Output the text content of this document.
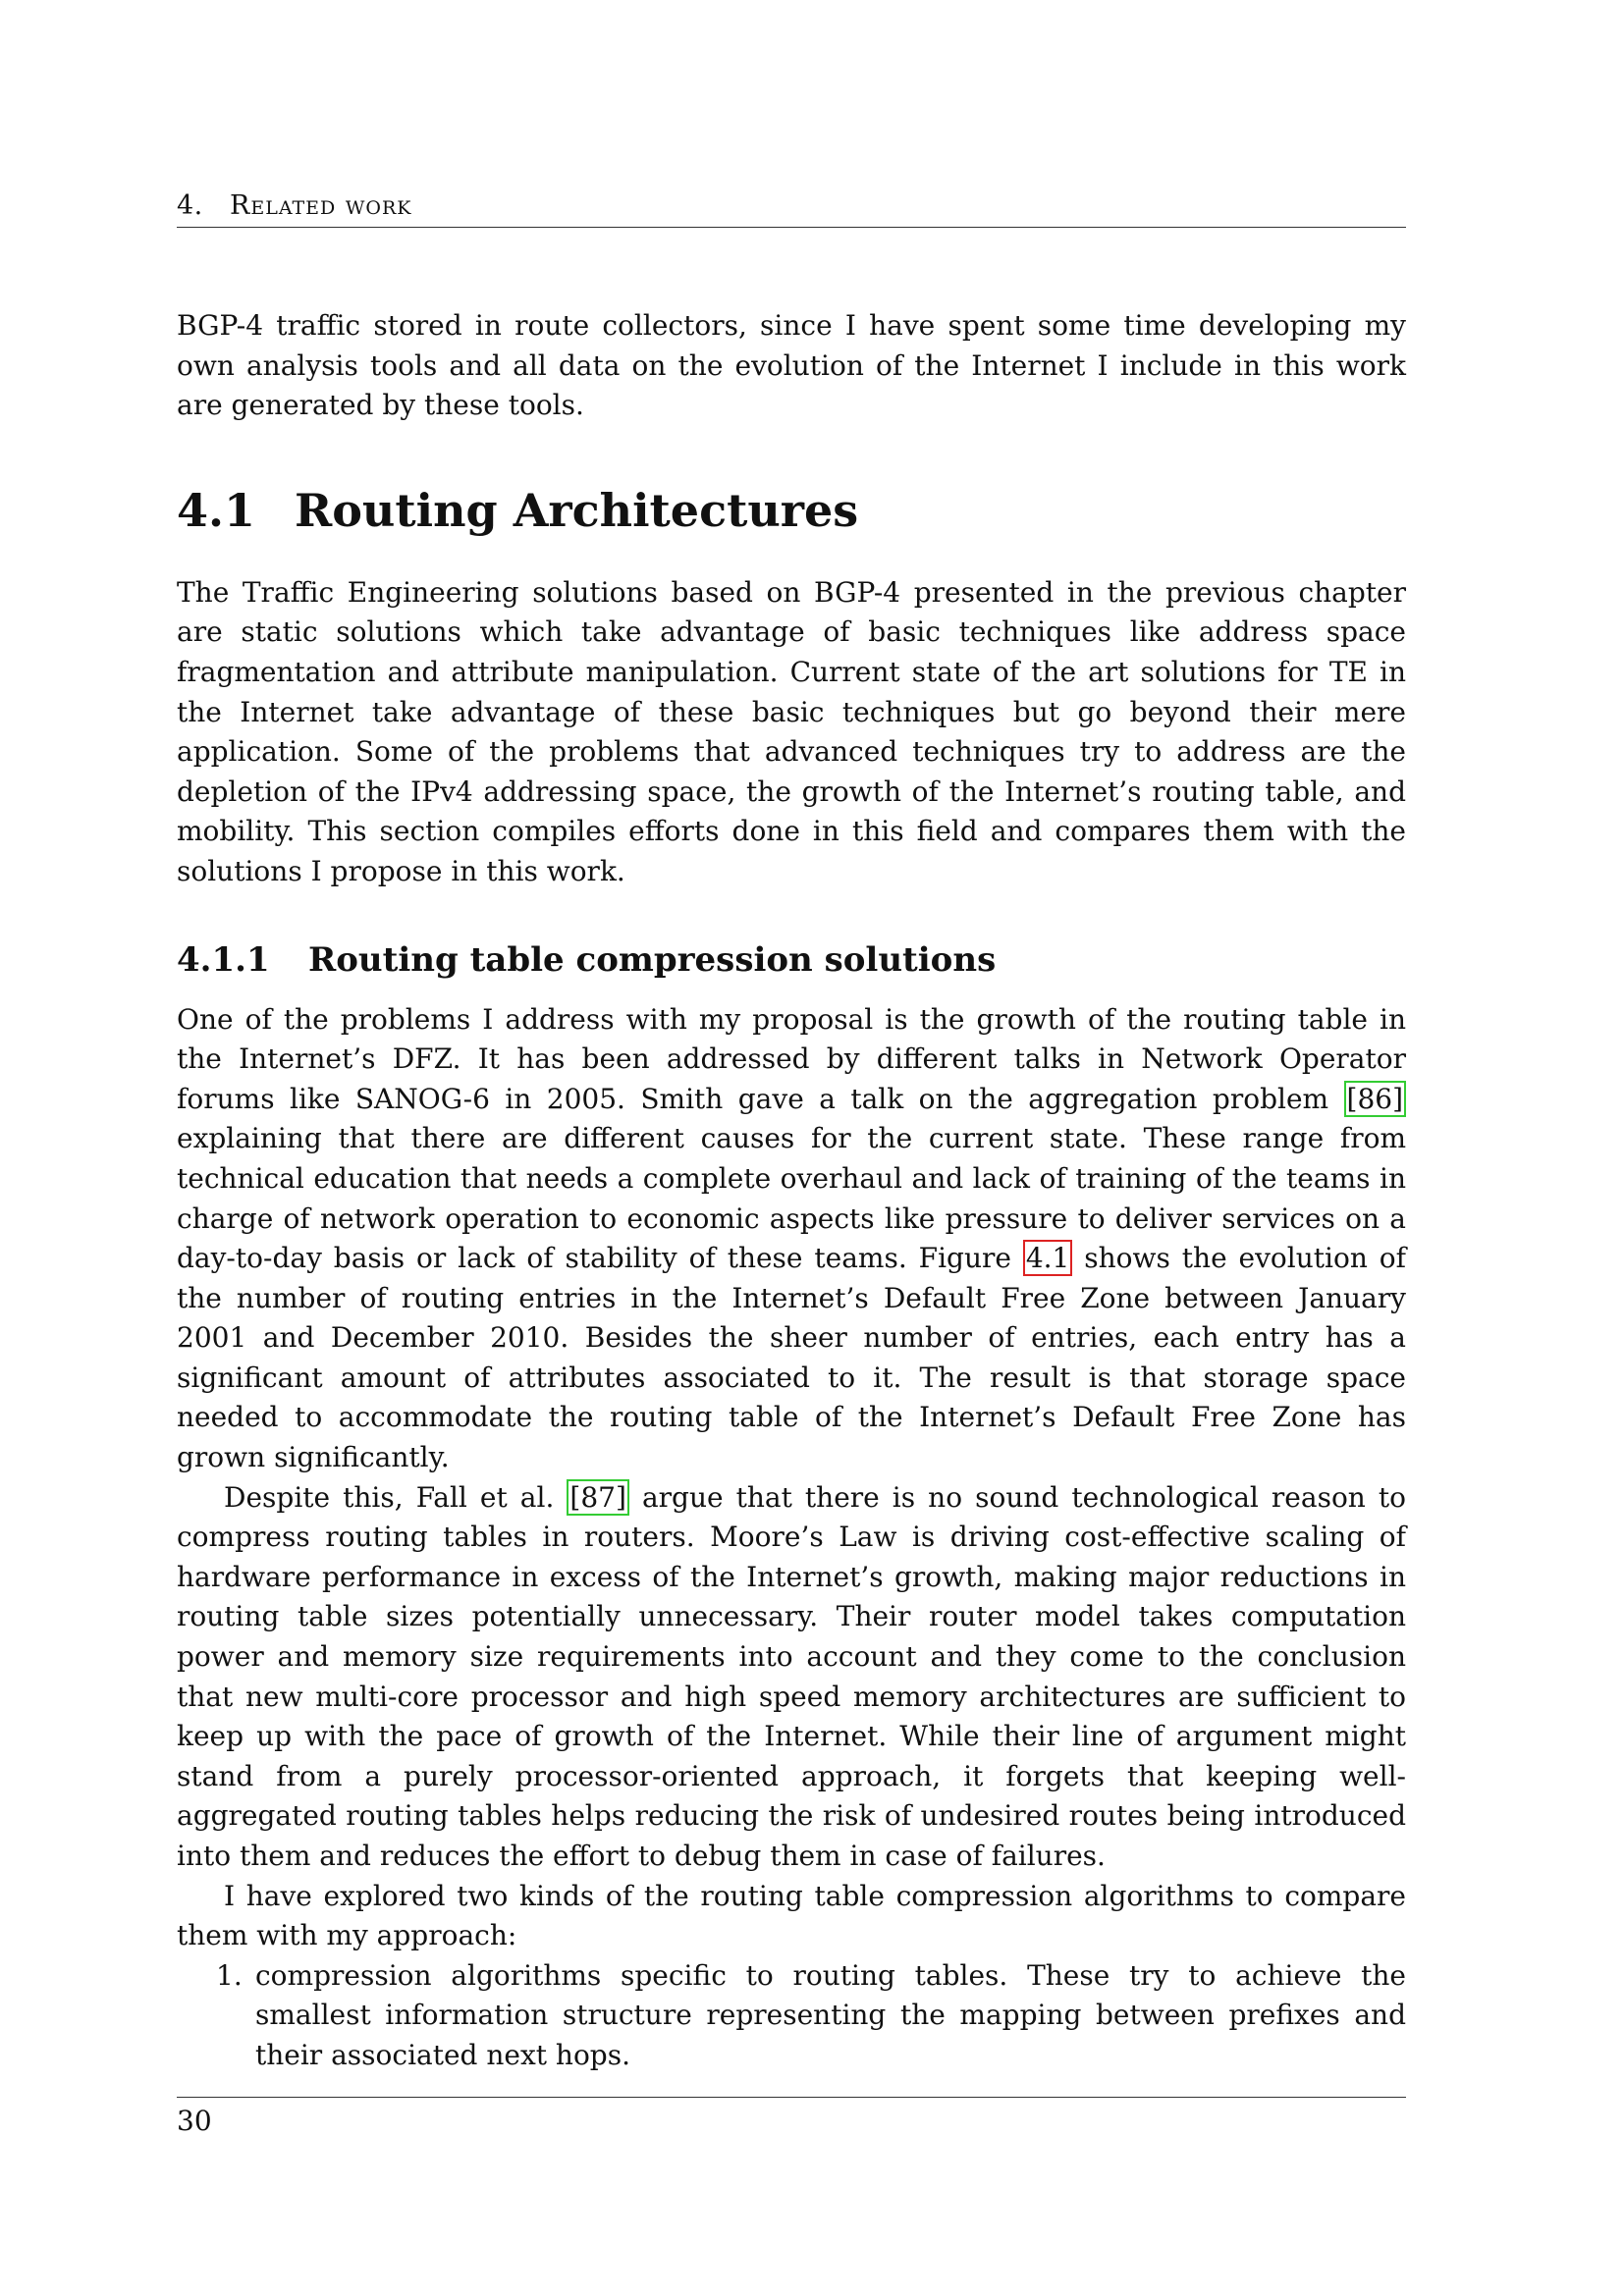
4. Related work

BGP-4 traffic stored in route collectors, since I have spent some time developing my own analysis tools and all data on the evolution of the Internet I include in this work are generated by these tools.

4.1 Routing Architectures

The Traffic Engineering solutions based on BGP-4 presented in the previous chapter are static solutions which take advantage of basic techniques like address space fragmentation and attribute manipulation. Current state of the art solutions for TE in the Internet take advantage of these basic techniques but go beyond their mere application. Some of the problems that advanced techniques try to address are the depletion of the IPv4 addressing space, the growth of the Internet’s routing table, and mobility. This section compiles efforts done in this field and compares them with the solutions I propose in this work.

4.1.1 Routing table compression solutions

One of the problems I address with my proposal is the growth of the routing table in the Internet’s DFZ. It has been addressed by different talks in Network Operator forums like SANOG-6 in 2005. Smith gave a talk on the aggregation problem [86] explaining that there are different causes for the current state. These range from technical education that needs a complete overhaul and lack of training of the teams in charge of network operation to economic aspects like pressure to deliver services on a day-to-day basis or lack of stability of these teams. Figure 4.1 shows the evolution of the number of routing entries in the Internet’s Default Free Zone between January 2001 and December 2010. Besides the sheer number of entries, each entry has a significant amount of attributes associated to it. The result is that storage space needed to accommodate the routing table of the Internet’s Default Free Zone has grown significantly.

Despite this, Fall et al. [87] argue that there is no sound technological reason to compress routing tables in routers. Moore’s Law is driving cost-effective scaling of hardware performance in excess of the Internet’s growth, making major reductions in routing table sizes potentially unnecessary. Their router model takes computation power and memory size requirements into account and they come to the conclusion that new multi-core processor and high speed memory architectures are sufficient to keep up with the pace of growth of the Internet. While their line of argument might stand from a purely processor-oriented approach, it forgets that keeping well-aggregated routing tables helps reducing the risk of undesired routes being introduced into them and reduces the effort to debug them in case of failures.

I have explored two kinds of the routing table compression algorithms to compare them with my approach:

1. compression algorithms specific to routing tables. These try to achieve the smallest information structure representing the mapping between prefixes and their associated next hops.
30
